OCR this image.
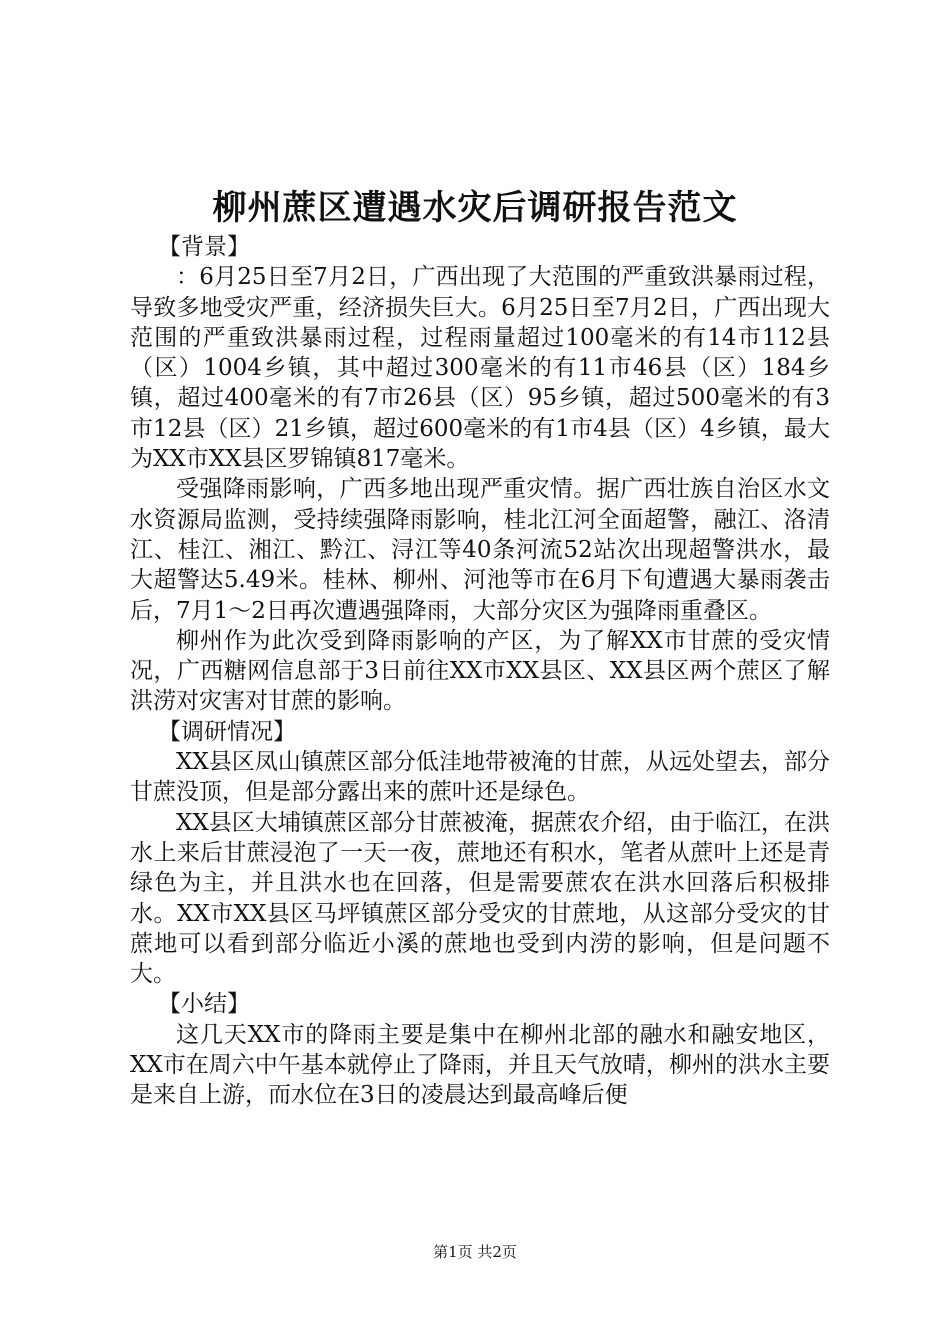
柳州蔗区遭遇水灾后调研报告范文

【背景】

：6月25日至7月2日，广西出现了大范围的严重致洪暴雨过程，导致多地受灾严重，经济损失巨大。6月25日至7月2日，广西出现大范围的严重致洪暴雨过程，过程雨量超过100毫米的有14市112县（区）1004乡镇，其中超过300毫米的有11市46县（区）184乡镇，超过400毫米的有7市26县（区）95乡镇，超过500毫米的有3市12县（区）21乡镇，超过600毫米的有1市4县（区）4乡镇，最大为XX市XX县区罗锦镇817毫米。

受强降雨影响，广西多地出现严重灾情。据广西壮族自治区水文水资源局监测，受持续强降雨影响，桂北江河全面超警，融江、洛清江、桂江、湘江、黔江、浔江等40条河流52站次出现超警洪水，最大超警达5.49米。桂林、柳州、河池等市在6月下旬遭遇大暴雨袭击后，7月1～2日再次遭遇强降雨，大部分灾区为强降雨重叠区。

柳州作为此次受到降雨影响的产区，为了解XX市甘蔗的受灾情况，广西糖网信息部于3日前往XX市XX县区、XX县区两个蔗区了解洪涝对灾害对甘蔗的影响。

【调研情况】

XX县区凤山镇蔗区部分低洼地带被淹的甘蔗，从远处望去，部分甘蔗没顶，但是部分露出来的蔗叶还是绿色。

XX县区大埔镇蔗区部分甘蔗被淹，据蔗农介绍，由于临江，在洪水上来后甘蔗浸泡了一天一夜，蔗地还有积水，笔者从蔗叶上还是青绿色为主，并且洪水也在回落，但是需要蔗农在洪水回落后积极排水。XX市XX县区马坪镇蔗区部分受灾的甘蔗地，从这部分受灾的甘蔗地可以看到部分临近小溪的蔗地也受到内涝的影响，但是问题不大。

【小结】

这几天XX市的降雨主要是集中在柳州北部的融水和融安地区，XX市在周六中午基本就停止了降雨，并且天气放晴，柳州的洪水主要是来自上游，而水位在3日的凌晨达到最高峰后便

第1页 共2页
